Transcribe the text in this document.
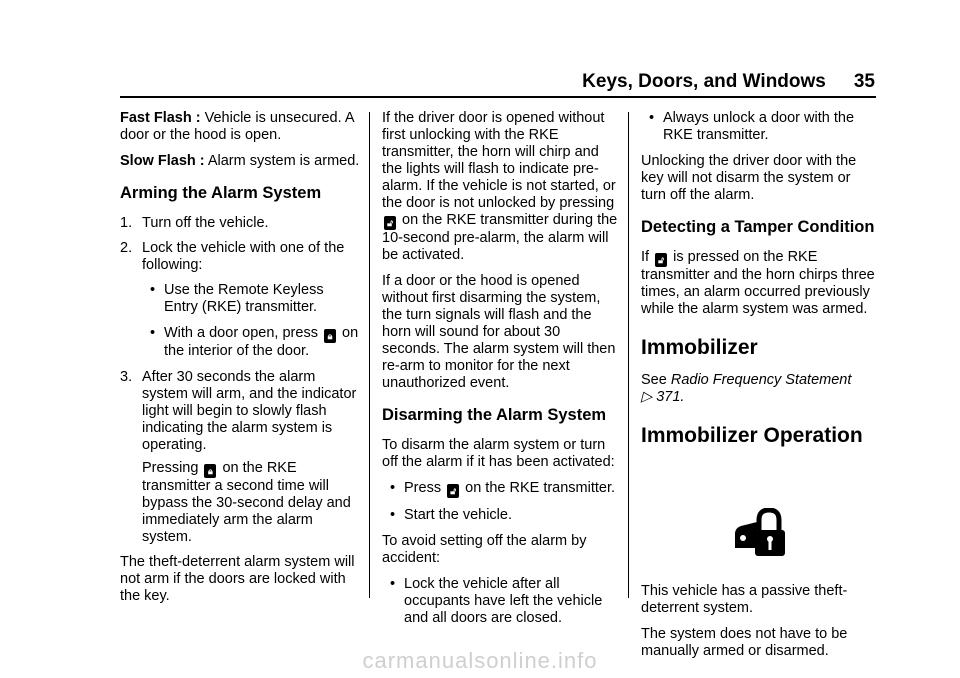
Keys, Doors, and Windows 35

Fast Flash : Vehicle is unsecured. A door or the hood is open.

Slow Flash : Alarm system is armed.

Arming the Alarm System
1. Turn off the vehicle.
2. Lock the vehicle with one of the following:
• Use the Remote Keyless Entry (RKE) transmitter.
• With a door open, press 🔒︎ on the interior of the door.
3. After 30 seconds the alarm system will arm, and the indicator light will begin to slowly flash indicating the alarm system is operating.
Pressing 🔒︎ on the RKE transmitter a second time will bypass the 30-second delay and immediately arm the alarm system.

The theft-deterrent alarm system will not arm if the doors are locked with the key.

If the driver door is opened without first unlocking with the RKE transmitter, the horn will chirp and the lights will flash to indicate pre-alarm. If the vehicle is not started, or the door is not unlocked by pressing 🔓︎ on the RKE transmitter during the 10-second pre-alarm, the alarm will be activated.

If a door or the hood is opened without first disarming the system, the turn signals will flash and the horn will sound for about 30 seconds. The alarm system will then re-arm to monitor for the next unauthorized event.

Disarming the Alarm System

To disarm the alarm system or turn off the alarm if it has been activated:

• Press 🔓︎ on the RKE transmitter.
• Start the vehicle.

To avoid setting off the alarm by accident:

• Lock the vehicle after all occupants have left the vehicle and all doors are closed.
• Always unlock a door with the RKE transmitter.

Unlocking the driver door with the key will not disarm the system or turn off the alarm.

Detecting a Tamper Condition

If 🔓︎ is pressed on the RKE transmitter and the horn chirps three times, an alarm occurred previously while the alarm system was armed.

Immobilizer

See Radio Frequency Statement
▷ 371.

Immobilizer Operation

This vehicle has a passive theft-deterrent system.

The system does not have to be manually armed or disarmed.

carmanualsonline.info
